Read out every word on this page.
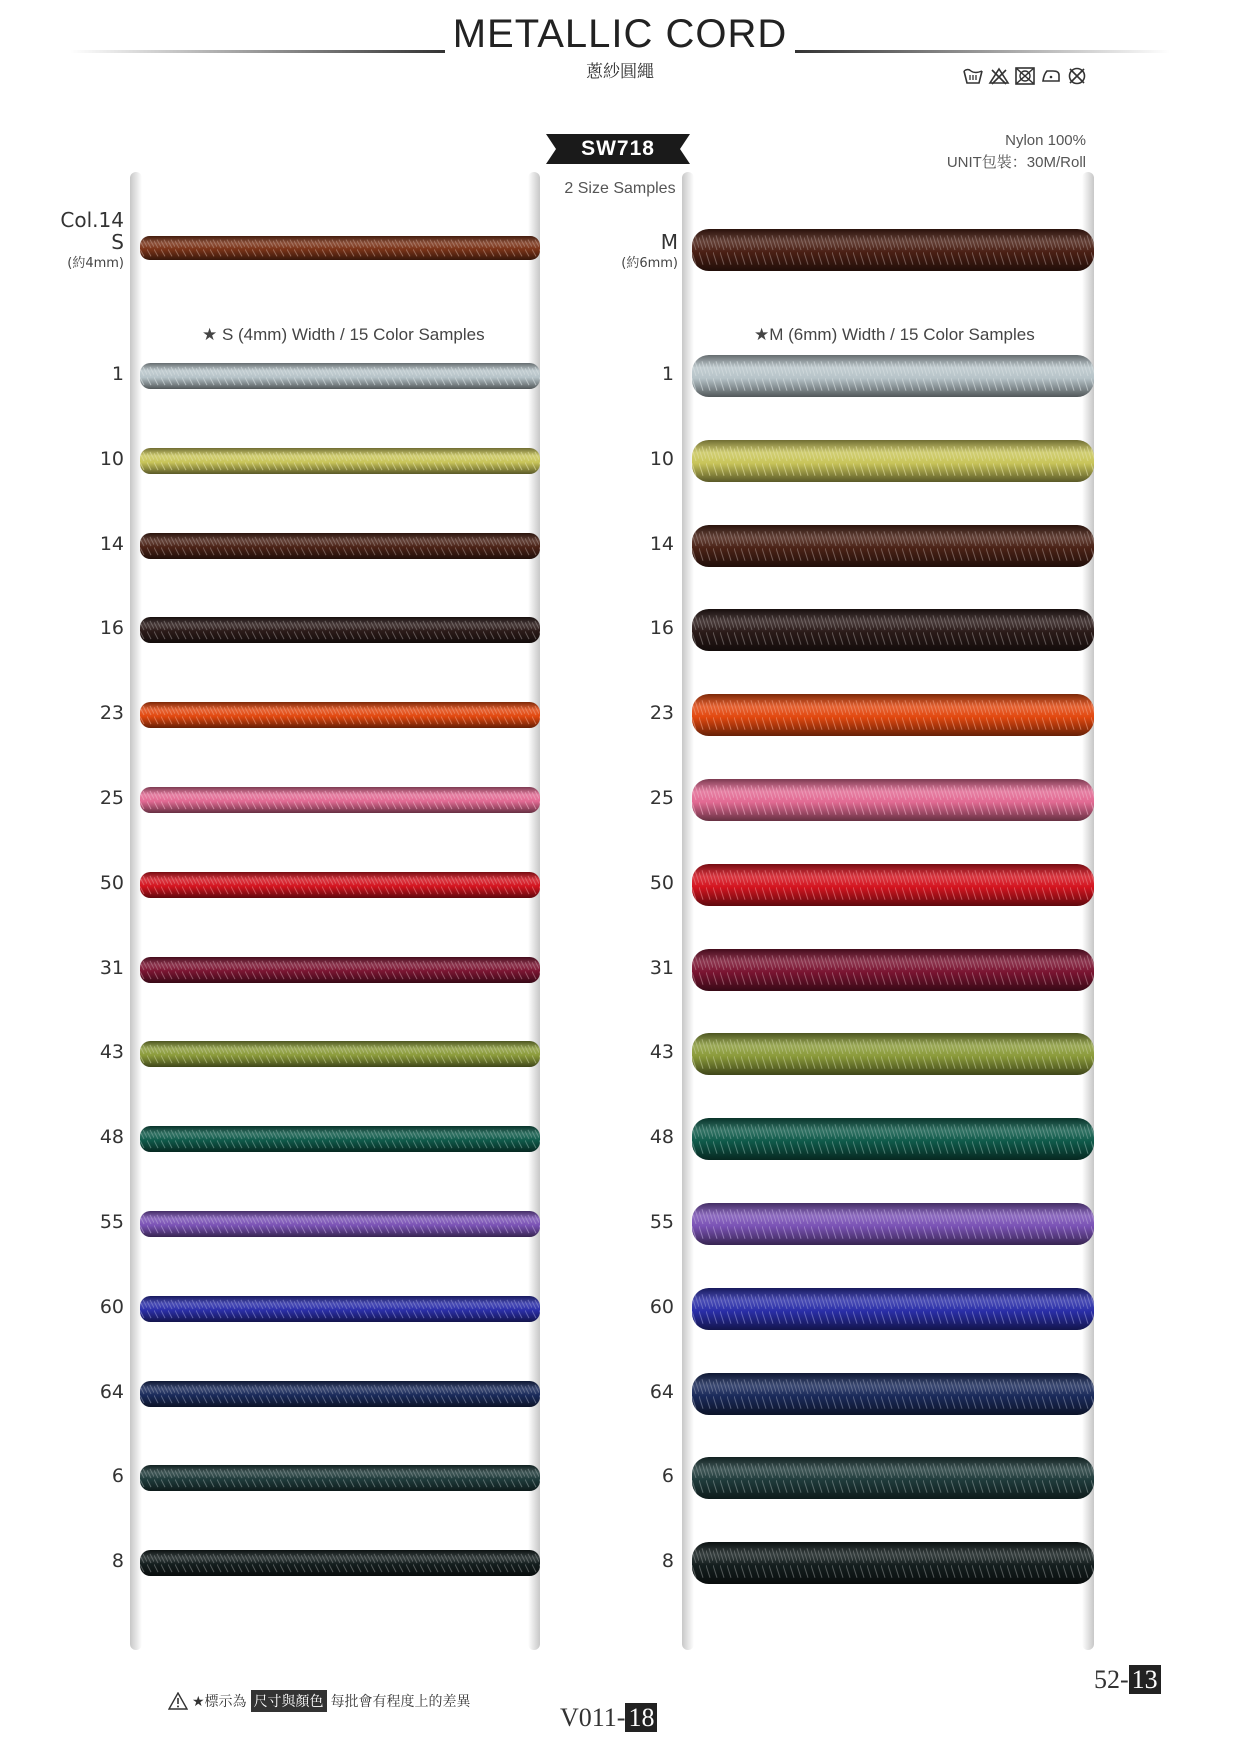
METALLIC CORD
蔥紗圓繩
SW718	Nylon 100%
UNIT包裝：30M/Roll
2 Size Samples
Col.14
S
(約4mm)
M
(約6mm)
★ S (4mm) Width / 15 Color Samples	★M (6mm) Width / 15 Color Samples
1	1
10	10
14	14
16	16
23	23
25	25
50	50
31	31
43	43
48	48
55	55
60	60
64	64
6	6
8	8
★標示為 尺寸與顏色 每批會有程度上的差異
52- 13
V011- 18
